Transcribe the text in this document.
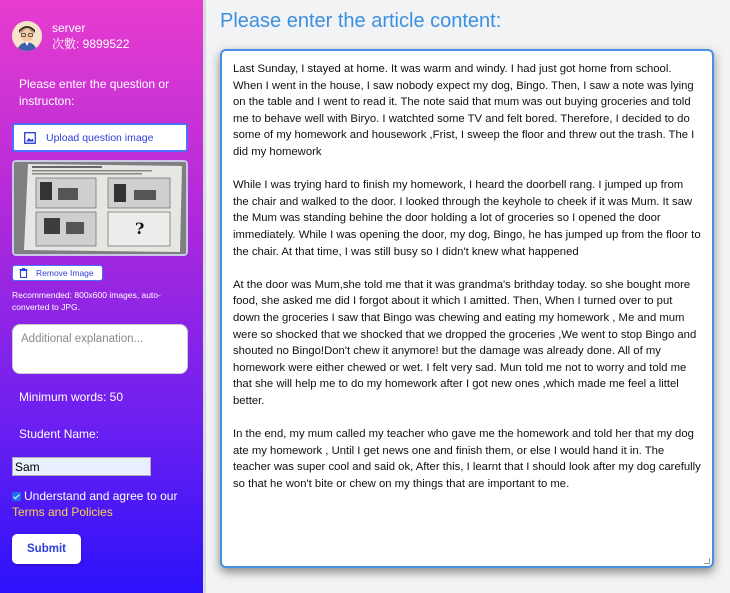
server
次數: 9899522
Please enter the question or instructon:
Upload question image
?
Remove Image
Recommended: 800x600 images, auto-converted to JPG.
Additional explanation...
Minimum words: 50
Student Name:
Sam
Understand and agree to our
Terms and Policies
Submit
Please enter the article content:

Last Sunday, I stayed at home. It was warm and windy. I had just got home from school. When I went in the house, I saw nobody expect my dog, Bingo. Then, I saw a note was lying on the table and I went to read it. The note said that mum was out buying groceries and told me to behave well with Biryo. I watchted some TV and felt bored. Therefore, I decided to do some of my homework and housework ,Frist, I sweep the floor and threw out the trash. The I did my homework

While I was trying hard to finish my homework, I heard the doorbell rang. I jumped up from the chair and walked to the door. I looked through the keyhole to cheek if it was Mum. It saw the Mum was standing behine the door holding a lot of groceries so I opened the door immediately. While I was opening the door, my dog, Bingo, he has jumped up from the floor to the chair. At that time, I was still busy so I didn't knew what happened

At the door was Mum,she told me that it was grandma's brithday today. so she bought more food, she asked me did I forgot about it which I amitted. Then, When I turned over to put down the groceries I saw that Bingo was chewing and eating my homework , Me and mum were so shocked that we shocked that we dropped the groceries ,We went to stop Bingo and shouted no Bingo!Don't chew it anymore! but the damage was already done. All of my homework were either chewed or wet. I felt very sad. Mun told me not to worry and told me that she will help me to do my homework after I got new ones ,which made me feel a littel better.

In the end, my mum called my teacher who gave me the homework and told her that my dog ate my homework , Until I get news one and finish them, or else I would hand it in. The teacher was super cool and said ok, After this, I learnt that I should look after my dog carefully so that he won't bite or chew on my things that are important to me.
